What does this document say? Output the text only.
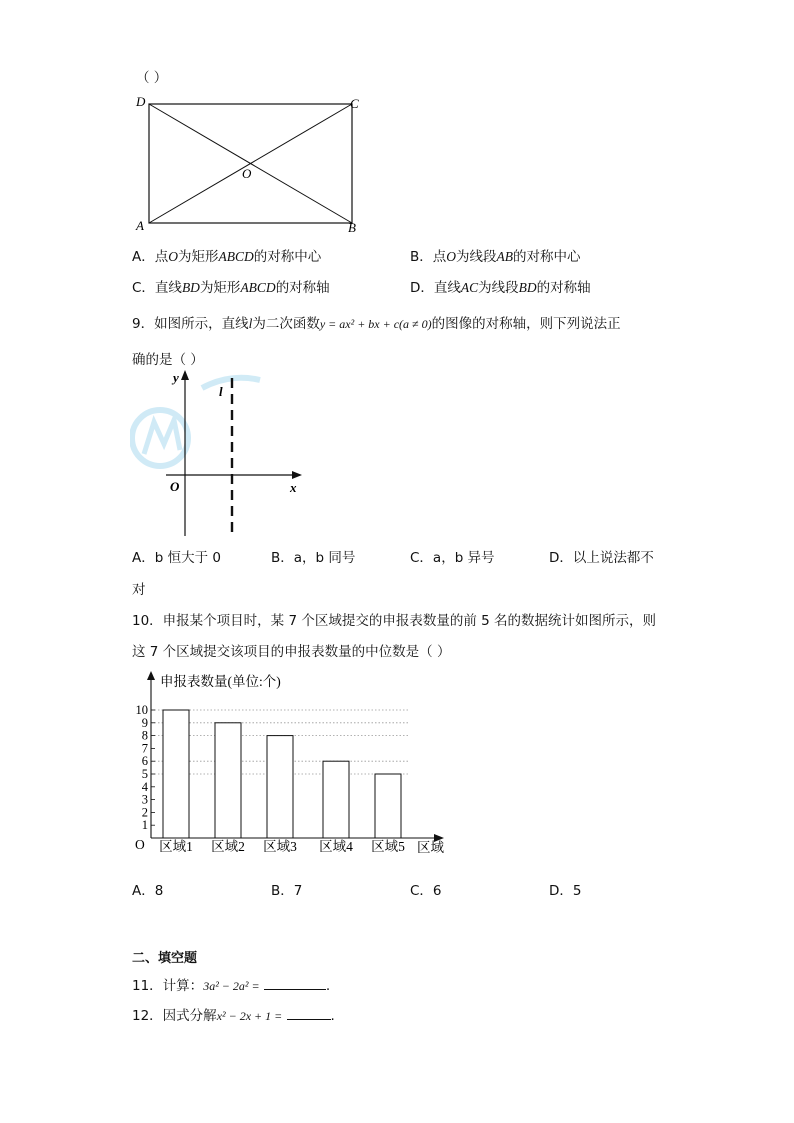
（ ）
D	C
O
A	B
A．点O为矩形ABCD的对称中心	B．点O为线段AB的对称中心
C．直线BD为矩形ABCD的对称轴	D．直线AC为线段BD的对称轴
9．如图所示，直线l为二次函数y = ax² + bx + c(a ≠ 0)的图像的对称轴，则下列说法正
确的是（ ）
y
x
O
l
A．b 恒大于 0	B．a，b 同号	C．a，b 异号	D．以上说法都不
对
10．申报某个项目时，某 7 个区域提交的申报表数量的前 5 名的数据统计如图所示，则
这 7 个区域提交该项目的申报表数量的中位数是（ ）
申报表数量(单位:个)
区域
O
1
2
3
4
5
6
7
8
9
10
区域1 区域2 区域3 区域4 区域5
A．8	B．7	C．6	D．5
二、填空题
11．计算：3a² − 2a² =	.
12．因式分解x² − 2x + 1 =	.
